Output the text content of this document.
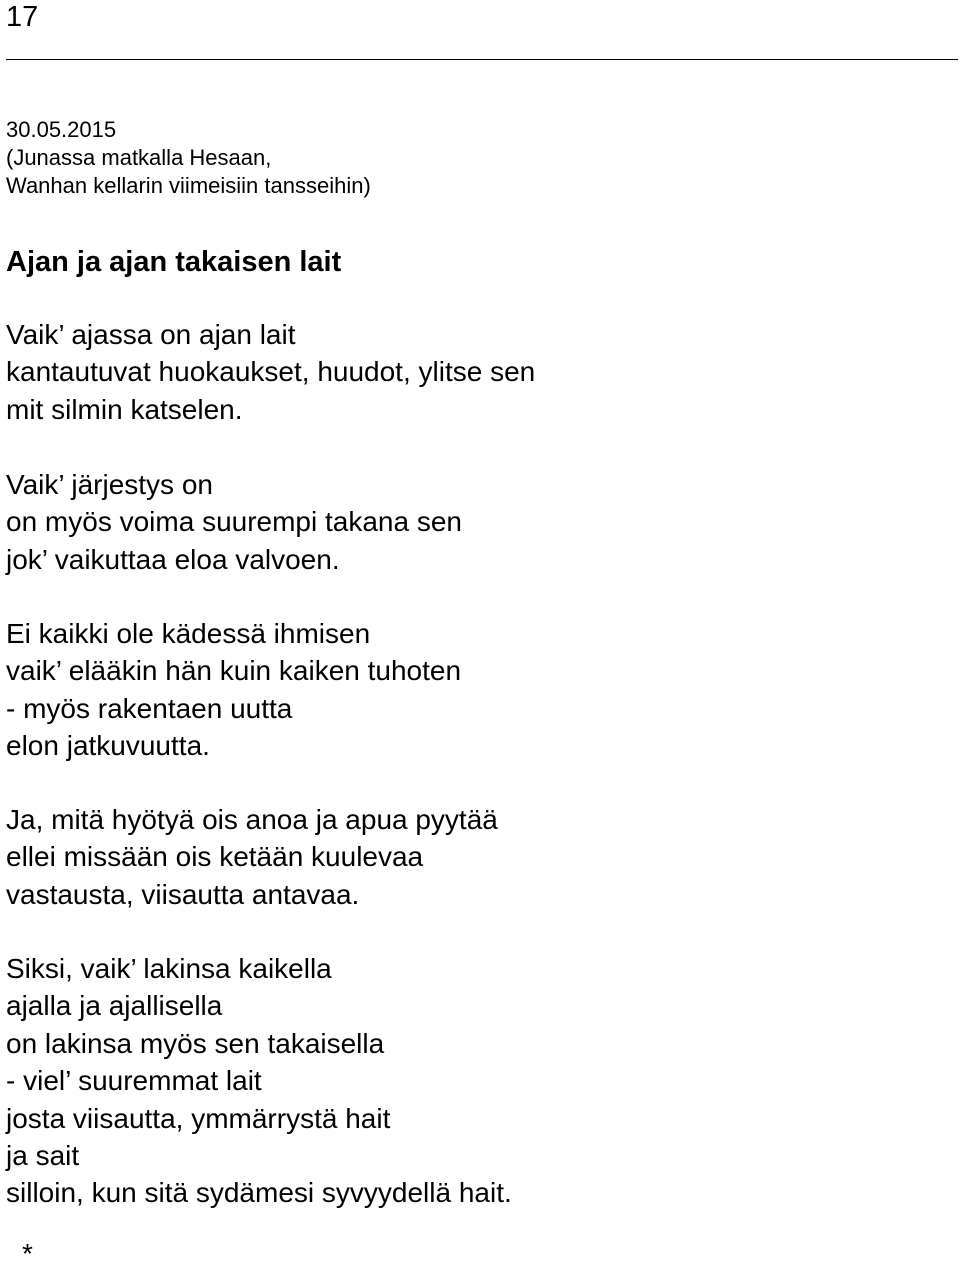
17
30.05.2015
(Junassa matkalla Hesaan,
Wanhan kellarin viimeisiin tansseihin)
Ajan ja ajan takaisen lait
Vaik’ ajassa on ajan lait
kantautuvat huokaukset, huudot, ylitse sen
mit silmin katselen.
Vaik’ järjestys on
on myös voima suurempi takana sen
jok’ vaikuttaa eloa valvoen.
Ei kaikki ole kädessä ihmisen
vaik’ elääkin hän kuin kaiken tuhoten
- myös rakentaen uutta
elon jatkuvuutta.
Ja, mitä hyötyä ois anoa ja apua pyytää
ellei missään ois ketään kuulevaa
vastausta, viisautta antavaa.
Siksi, vaik’ lakinsa kaikella
ajalla ja ajallisella
on lakinsa myös sen takaisella
- viel’ suuremmat lait
josta viisautta, ymmärrystä hait
ja sait
silloin, kun sitä sydämesi syvyydellä hait.
*
